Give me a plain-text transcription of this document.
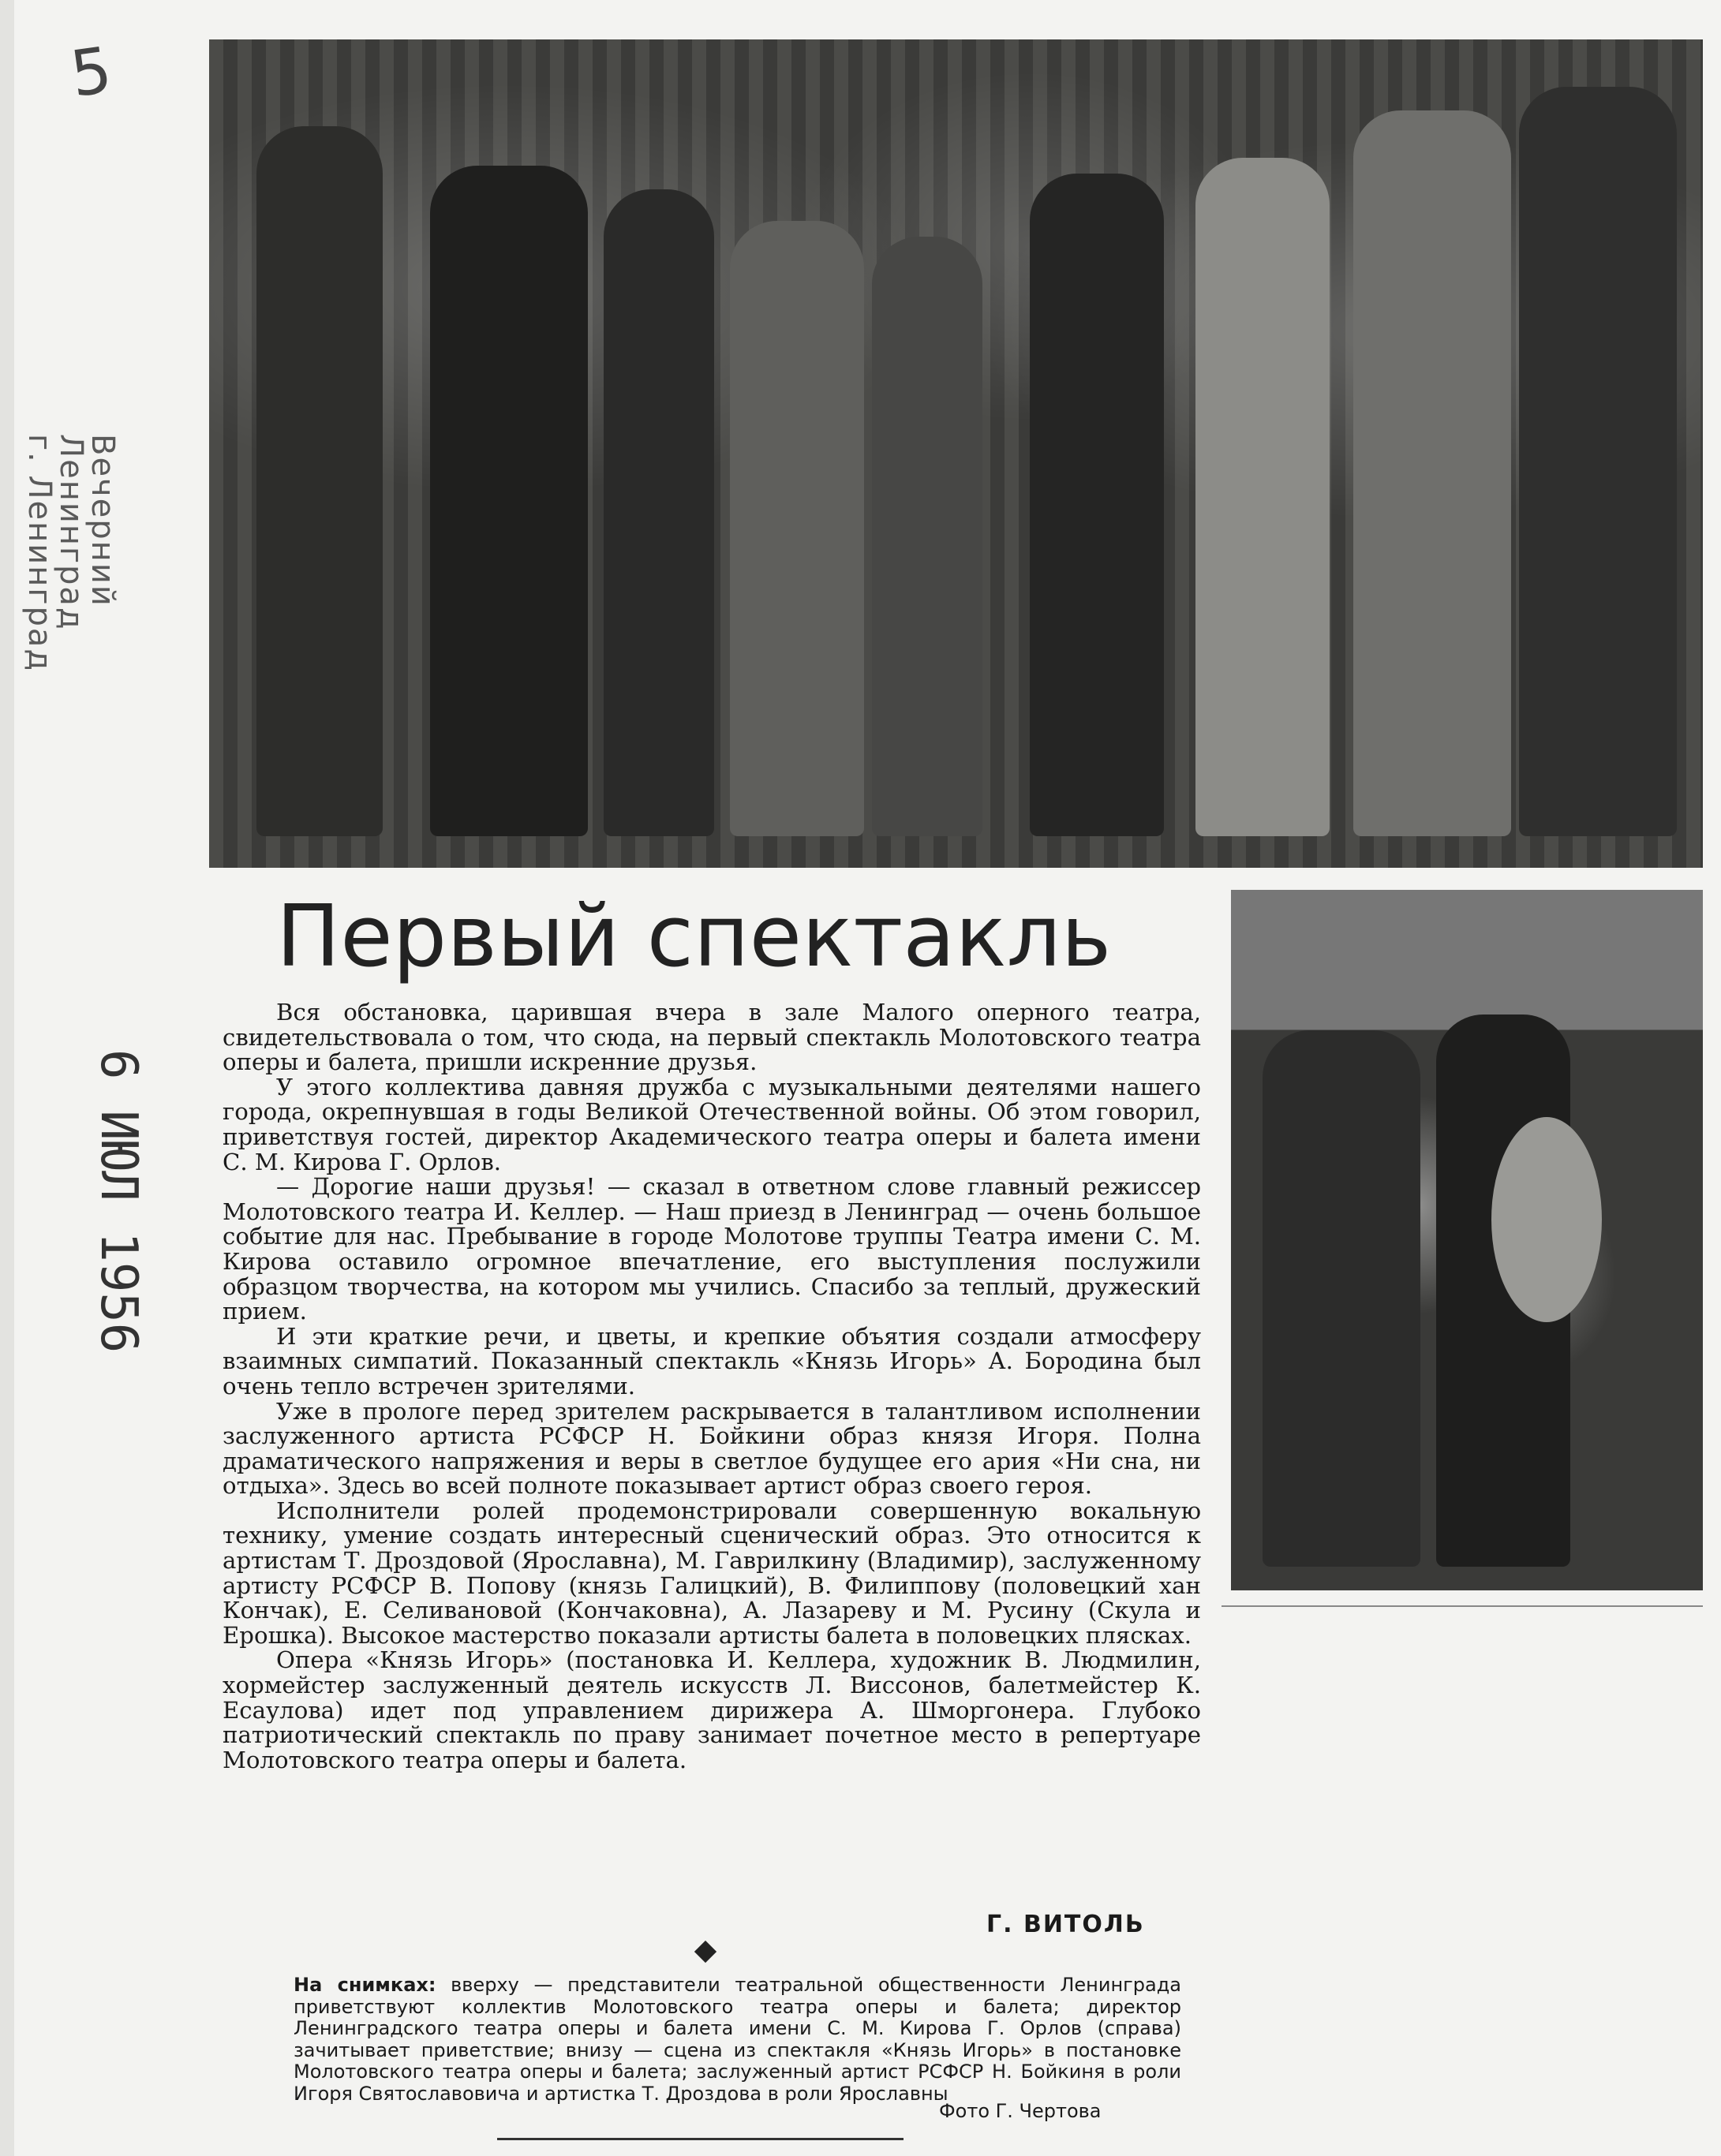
5
Вечерний Ленинград
г. Ленинград
6 ИЮЛ 1956
Первый спектакль

Вся обстановка, царившая вчера в зале Малого оперного театра, свидетельствовала о том, что сюда, на первый спектакль Молотовского театра оперы и балета, пришли искренние друзья.

У этого коллектива давняя дружба с музыкальными деятелями нашего города, окрепнувшая в годы Великой Отечественной войны. Об этом говорил, приветствуя гостей, директор Академического театра оперы и балета имени С. М. Кирова Г. Орлов.

— Дорогие наши друзья! — сказал в ответном слове главный режиссер Молотовского театра И. Келлер. — Наш приезд в Ленинград — очень большое событие для нас. Пребывание в городе Молотове труппы Театра имени С. М. Кирова оставило огромное впечатление, его выступления послужили образцом творчества, на котором мы учились. Спасибо за теплый, дружеский прием.

И эти краткие речи, и цветы, и крепкие объятия создали атмосферу взаимных симпатий. Показанный спектакль «Князь Игорь» А. Бородина был очень тепло встречен зрителями.

Уже в прологе перед зрителем раскрывается в талантливом исполнении заслуженного артиста РСФСР Н. Бойкини образ князя Игоря. Полна драматического напряжения и веры в светлое будущее его ария «Ни сна, ни отдыха». Здесь во всей полноте показывает артист образ своего героя.

Исполнители ролей продемонстрировали совершенную вокальную технику, умение создать интересный сценический образ. Это относится к артистам Т. Дроздовой (Ярославна), М. Гаврилкину (Владимир), заслуженному артисту РСФСР В. Попову (князь Галицкий), В. Филиппову (половецкий хан Кончак), Е. Селивановой (Кончаковна), А. Лазареву и М. Русину (Скула и Ерошка). Высокое мастерство показали артисты балета в половецких плясках.

Опера «Князь Игорь» (постановка И. Келлера, художник В. Людмилин, хормейстер заслуженный деятель искусств Л. Виссонов, балетмейстер К. Есаулова) идет под управлением дирижера А. Шморгонера. Глубоко патриотический спектакль по праву занимает почетное место в репертуаре Молотовского театра оперы и балета.

Г. ВИТОЛЬ
На снимках: вверху — представители театральной общественности Ленинграда приветствуют коллектив Молотовского театра оперы и балета; директор Ленинградского театра оперы и балета имени С. М. Кирова Г. Орлов (справа) зачитывает приветствие; внизу — сцена из спектакля «Князь Игорь» в постановке Молотовского театра оперы и балета; заслуженный артист РСФСР Н. Бойкиня в роли Игоря Святославовича и артистка Т. Дроздова в роли Ярославны
Фото Г. Чертова
